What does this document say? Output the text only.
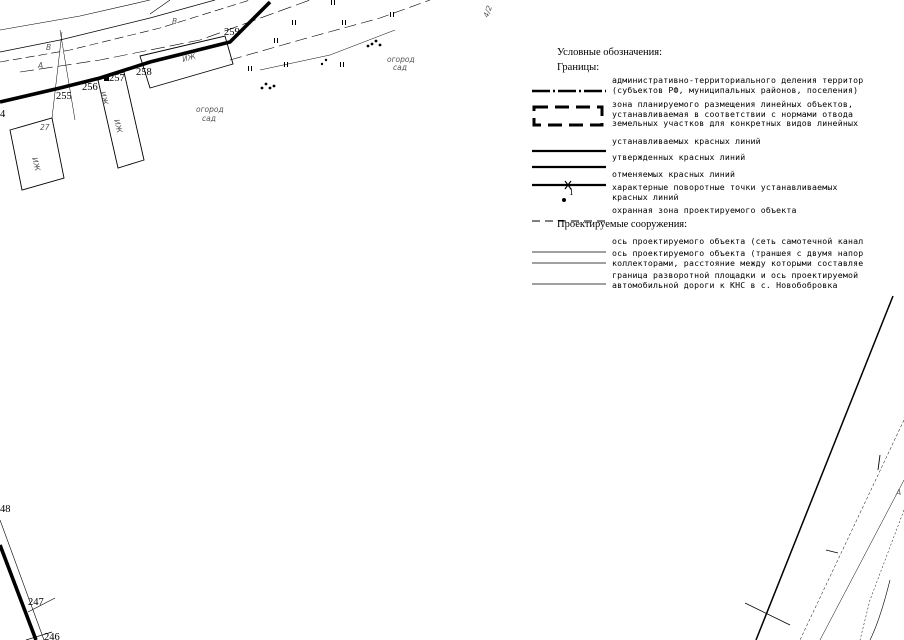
259
258
257
256
255
247
246
48
4
ИЖ
ИЖ
ИЖ
ИЖ
27
4/2
огород
сад
огород
сад
В
А
В
А
Условные обозначения:
Границы:
административно-территориального деления территор
(субъектов РФ, муниципальных районов, поселения)
зона планируемого размещения линейных объектов,
устанавливаемая в соответствии с нормами отвода
земельных участков для конкретных видов линейных
устанавливаемых красных линий
утвержденных красных линий
отменяемых красных линий
1	характерные поворотные точки устанавливаемых
красных линий
охранная зона проектируемого объекта
Проектируемые сооружения:
ось проектируемого объекта (сеть самотечной канал
ось проектируемого объекта (траншея с двумя напор
коллекторами, расстояние между которыми составляе
граница разворотной площадки и ось проектируемой
автомобильной дороги к КНС в с. Новобобровка
